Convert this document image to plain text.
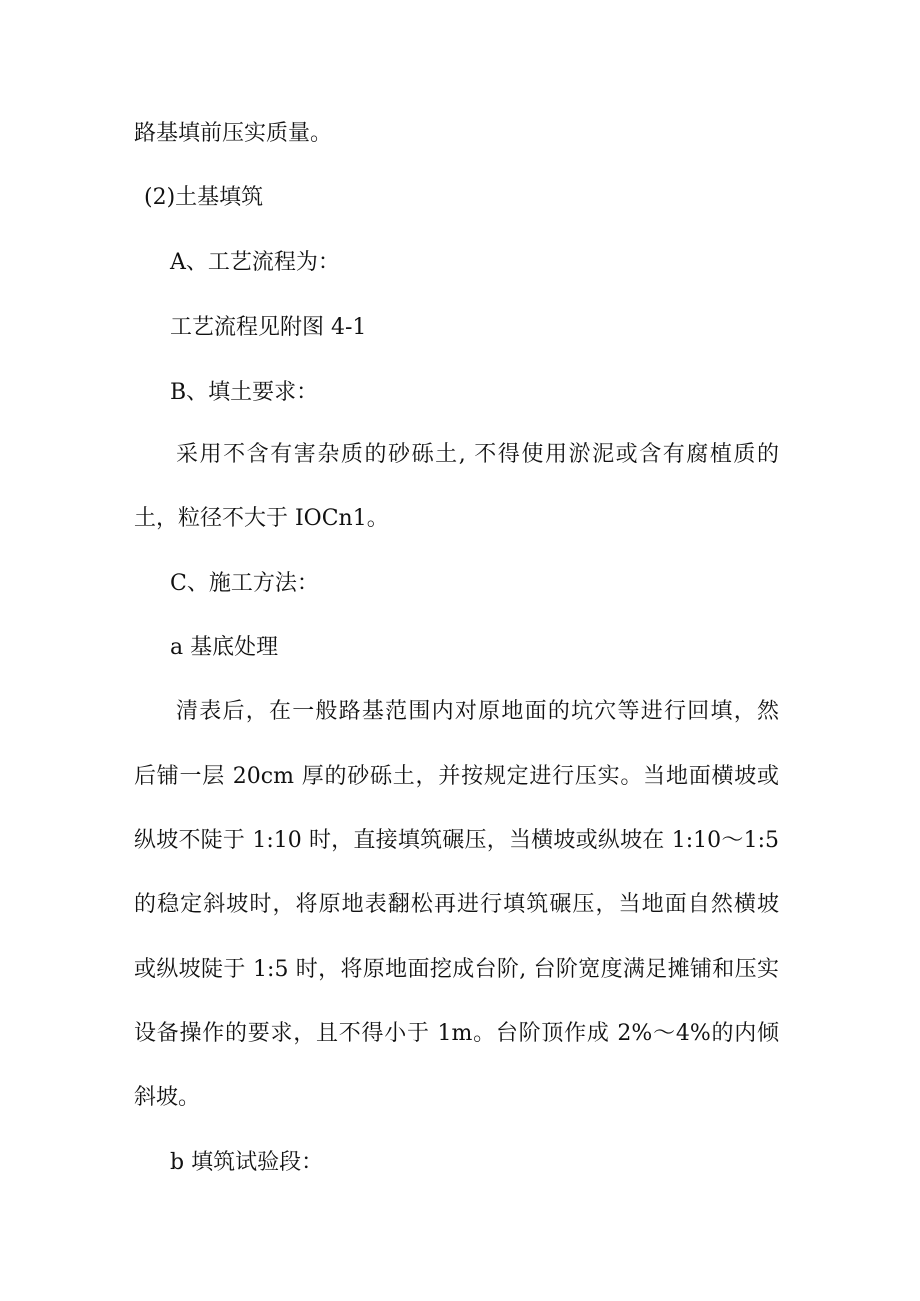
路基填前压实质量。
(2)土基填筑
A、工艺流程为：
工艺流程见附图 4-1
B、填土要求：
采用不含有害杂质的砂砾土, 不得使用淤泥或含有腐植质的
土，粒径不大于 IOCn1。
C、施工方法：
a 基底处理
清表后，在一般路基范围内对原地面的坑穴等进行回填，然
后铺一层 20cm 厚的砂砾土，并按规定进行压实。当地面横坡或
纵坡不陡于 1:10 时，直接填筑碾压，当横坡或纵坡在 1:10～1:5
的稳定斜坡时，将原地表翻松再进行填筑碾压，当地面自然横坡
或纵坡陡于 1:5 时，将原地面挖成台阶, 台阶宽度满足摊铺和压实
设备操作的要求，且不得小于 1m。台阶顶作成 2%～4%的内倾
斜坡。
b 填筑试验段：
